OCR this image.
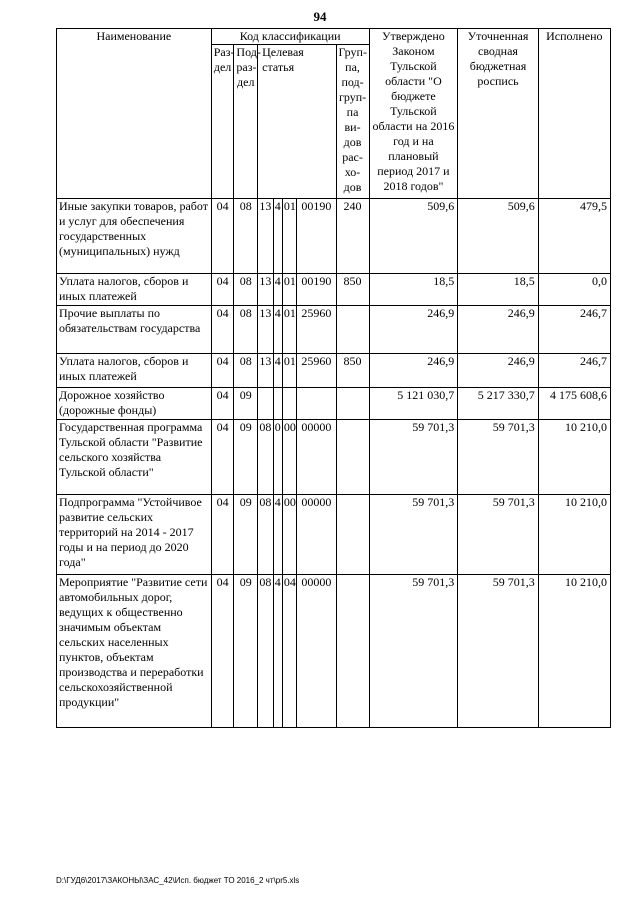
94
Наименование	Код классификации							Утверждено Законом Тульской области "О бюджете Тульской области на 2016 год и на плановый период 2017 и 2018 годов"	Уточненная сводная бюджетная роспись	Исполнено
	Раз-дел	Под-раз-дел	Целевая статья				Груп-па, под-груп-па ви-дов рас-хо-дов			
Иные закупки товаров, работ и услуг для обеспечения государственных (муниципальных) нужд	04	08	13	4	01	00190	240	509,6	509,6	479,5
Уплата налогов, сборов и иных платежей	04	08	13	4	01	00190	850	18,5	18,5	0,0
Прочие выплаты по обязательствам государства	04	08	13	4	01	25960		246,9	246,9	246,7
Уплата налогов, сборов и иных платежей	04	08	13	4	01	25960	850	246,9	246,9	246,7
Дорожное хозяйство (дорожные фонды)	04	09						5 121 030,7	5 217 330,7	4 175 608,6
Государственная программа Тульской области "Развитие сельского хозяйства Тульской области"	04	09	08	0	00	00000		59 701,3	59 701,3	10 210,0
Подпрограмма "Устойчивое развитие сельских территорий на 2014 - 2017 годы и на период до 2020 года"	04	09	08	4	00	00000		59 701,3	59 701,3	10 210,0
Мероприятие "Развитие сети автомобильных дорог, ведущих к общественно значимым объектам сельских населенных пунктов, объектам производства и переработки сельскохозяйственной продукции"	04	09	08	4	04	00000		59 701,3	59 701,3	10 210,0
D:\ГУД6\2017\ЗАКОНЫ\ЗАС_42\Исп. бюджет ТО 2016_2 чт\pr5.xls
